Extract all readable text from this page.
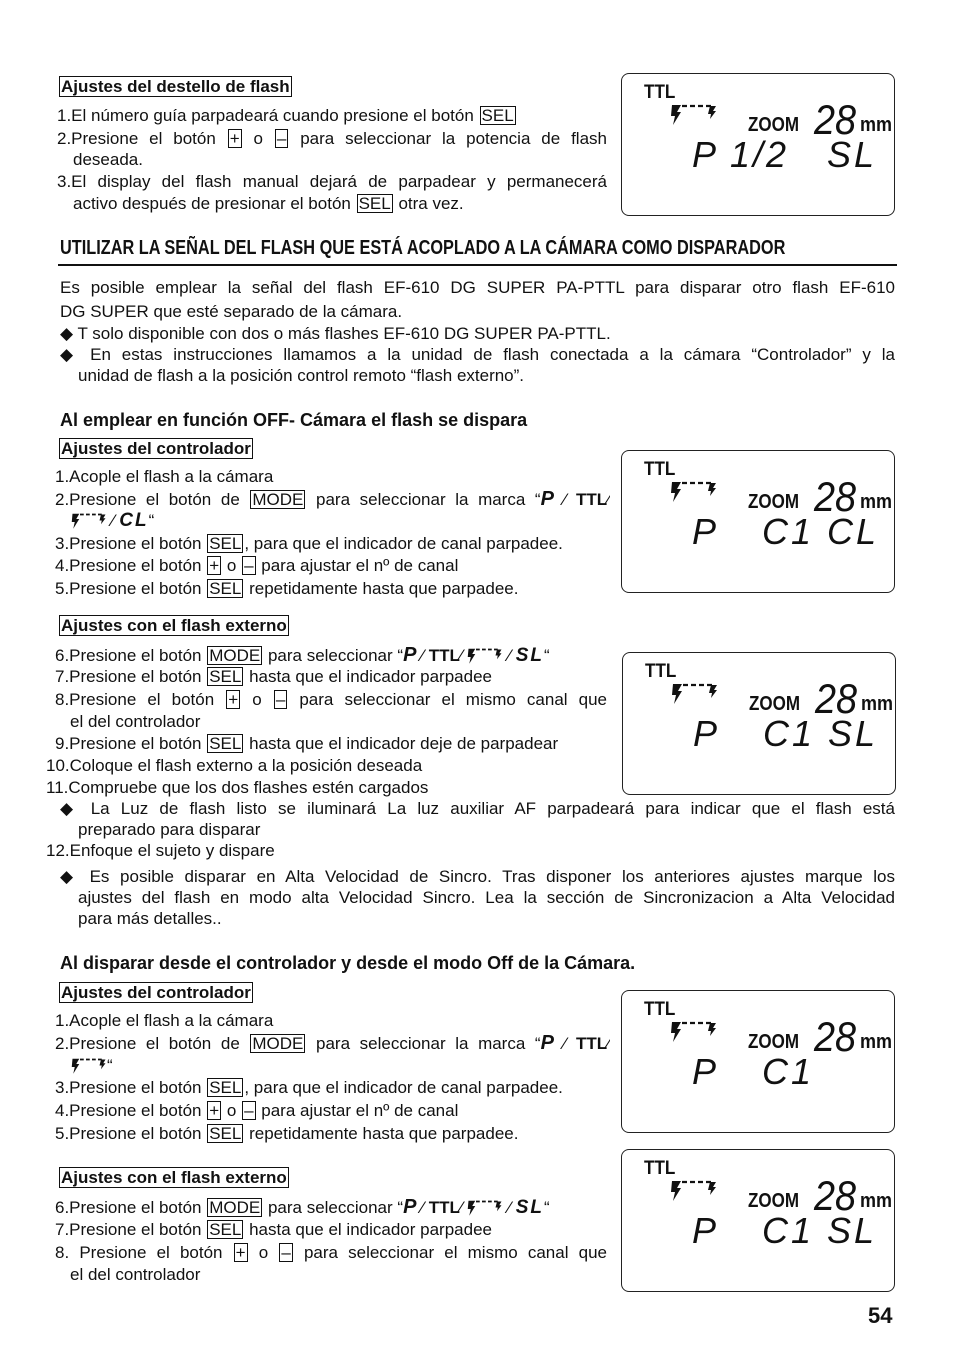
Ajustes del destello de flash
1.El número guía parpadeará cuando presione el botón SEL
2.Presione el botón + o – para seleccionar la potencia de flash
deseada.
3.El display del flash manual dejará de parpadear y permanecerá
activo después de presionar el botón SEL otra vez.
UTILIZAR LA SEÑAL DEL FLASH QUE ESTÁ ACOPLADO A LA CÁMARA COMO DISPARADOR
Es posible emplear la señal del flash EF-610 DG SUPER PA-PTTL para disparar otro flash EF-610
DG SUPER que esté separado de la cámara.
◆ T solo disponible con dos o más flashes EF-610 DG SUPER PA-PTTL.
◆ En estas instrucciones llamamos a la unidad de flash conectada a la cámara “Controlador” y la
unidad de flash a la posición control remoto “flash externo”.
Al emplear en función OFF- Cámara el flash se dispara
Ajustes del controlador
1.Acople el flash a la cámara
2.Presione el botón de MODE para seleccionar la marca “P ⁄ TTL⁄
⁄ CL“
3.Presione el botón SEL , para que el indicador de canal parpadee.
4.Presione el botón + o – para ajustar el nº de canal
5.Presione el botón SEL repetidamente hasta que parpadee.
Ajustes con el flash externo
6.Presione el botón MODE para seleccionar “P ⁄ TTL⁄  ⁄ SL“
7.Presione el botón SEL hasta que el indicador parpadee
8.Presione el botón + o – para seleccionar el mismo canal que
el del controlador
9.Presione el botón SEL hasta que el indicador deje de parpadear
10.Coloque el flash externo a la posición deseada
11.Compruebe que los dos flashes estén cargados
◆ La Luz de flash listo se iluminará La luz auxiliar AF parpadeará para indicar que el flash está
preparado para disparar
12.Enfoque el sujeto y dispare
◆ Es posible disparar en Alta Velocidad de Sincro. Tras disponer los anteriores ajustes marque los
ajustes del flash en modo alta Velocidad Sincro. Lea la sección de Sincronizacion a Alta Velocidad
para más detalles..
Al disparar desde el controlador y desde el modo Off de la Cámara.
Ajustes del controlador
1.Acople el flash a la cámara
2.Presione el botón de MODE para seleccionar la marca “P ⁄ TTL⁄
“
3.Presione el botón SEL , para que el indicador de canal parpadee.
4.Presione el botón + o – para ajustar el nº de canal
5.Presione el botón SEL repetidamente hasta que parpadee.
Ajustes con el flash externo
6.Presione el botón MODE para seleccionar “P ⁄ TTL⁄  ⁄ SL“
7.Presione el botón SEL hasta que el indicador parpadee
8. Presione el botón + o – para seleccionar el mismo canal que
el del controlador
TTL
ZOOM 28 mm
P 1/2 SL
TTL
ZOOM 28 mm
P C1 CL
TTL
ZOOM 28 mm
P C1 SL
TTL
ZOOM 28 mm
P C1
TTL
ZOOM 28 mm
P C1 SL
54
